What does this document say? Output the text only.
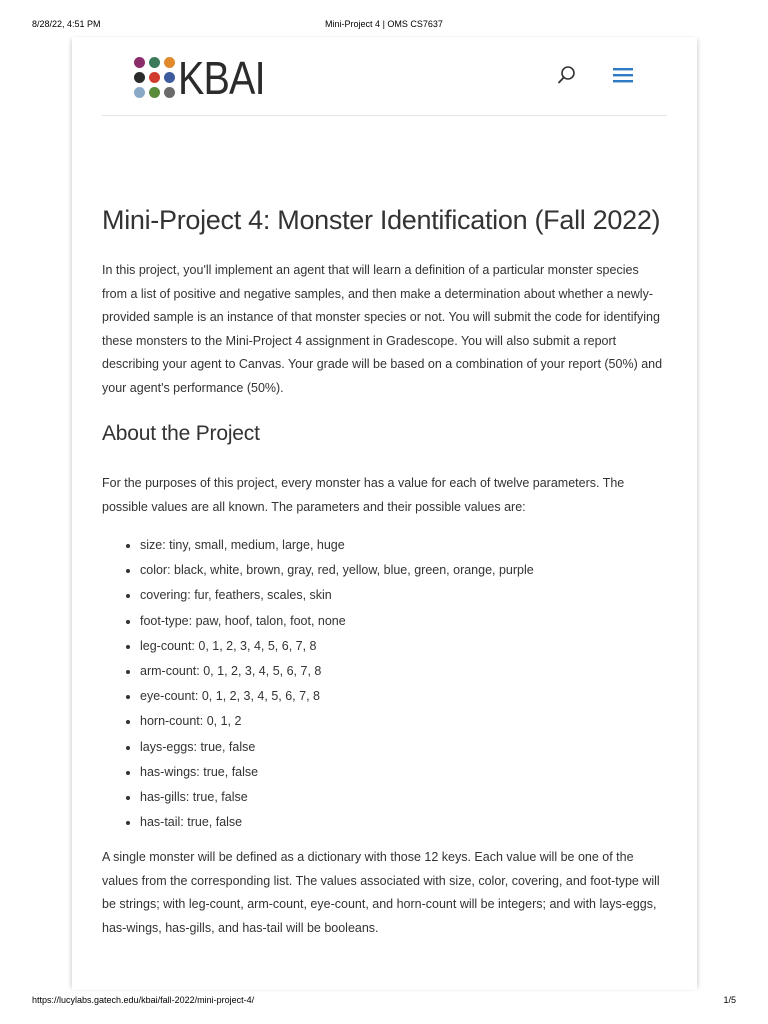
8/28/22, 4:51 PM	Mini-Project 4 | OMS CS7637
KBAI
Mini-Project 4: Monster Identification (Fall 2022)

In this project, you'll implement an agent that will learn a definition of a particular monster species from a list of positive and negative samples, and then make a determination about whether a newly-provided sample is an instance of that monster species or not. You will submit the code for identifying these monsters to the Mini-Project 4 assignment in Gradescope. You will also submit a report describing your agent to Canvas. Your grade will be based on a combination of your report (50%) and your agent's performance (50%).

About the Project

For the purposes of this project, every monster has a value for each of twelve parameters. The possible values are all known. The parameters and their possible values are:

size: tiny, small, medium, large, huge
color: black, white, brown, gray, red, yellow, blue, green, orange, purple
covering: fur, feathers, scales, skin
foot-type: paw, hoof, talon, foot, none
leg-count: 0, 1, 2, 3, 4, 5, 6, 7, 8
arm-count: 0, 1, 2, 3, 4, 5, 6, 7, 8
eye-count: 0, 1, 2, 3, 4, 5, 6, 7, 8
horn-count: 0, 1, 2
lays-eggs: true, false
has-wings: true, false
has-gills: true, false
has-tail: true, false

A single monster will be defined as a dictionary with those 12 keys. Each value will be one of the values from the corresponding list. The values associated with size, color, covering, and foot-type will be strings; with leg-count, arm-count, eye-count, and horn-count will be integers; and with lays-eggs, has-wings, has-gills, and has-tail will be booleans.

https://lucylabs.gatech.edu/kbai/fall-2022/mini-project-4/	1/5
